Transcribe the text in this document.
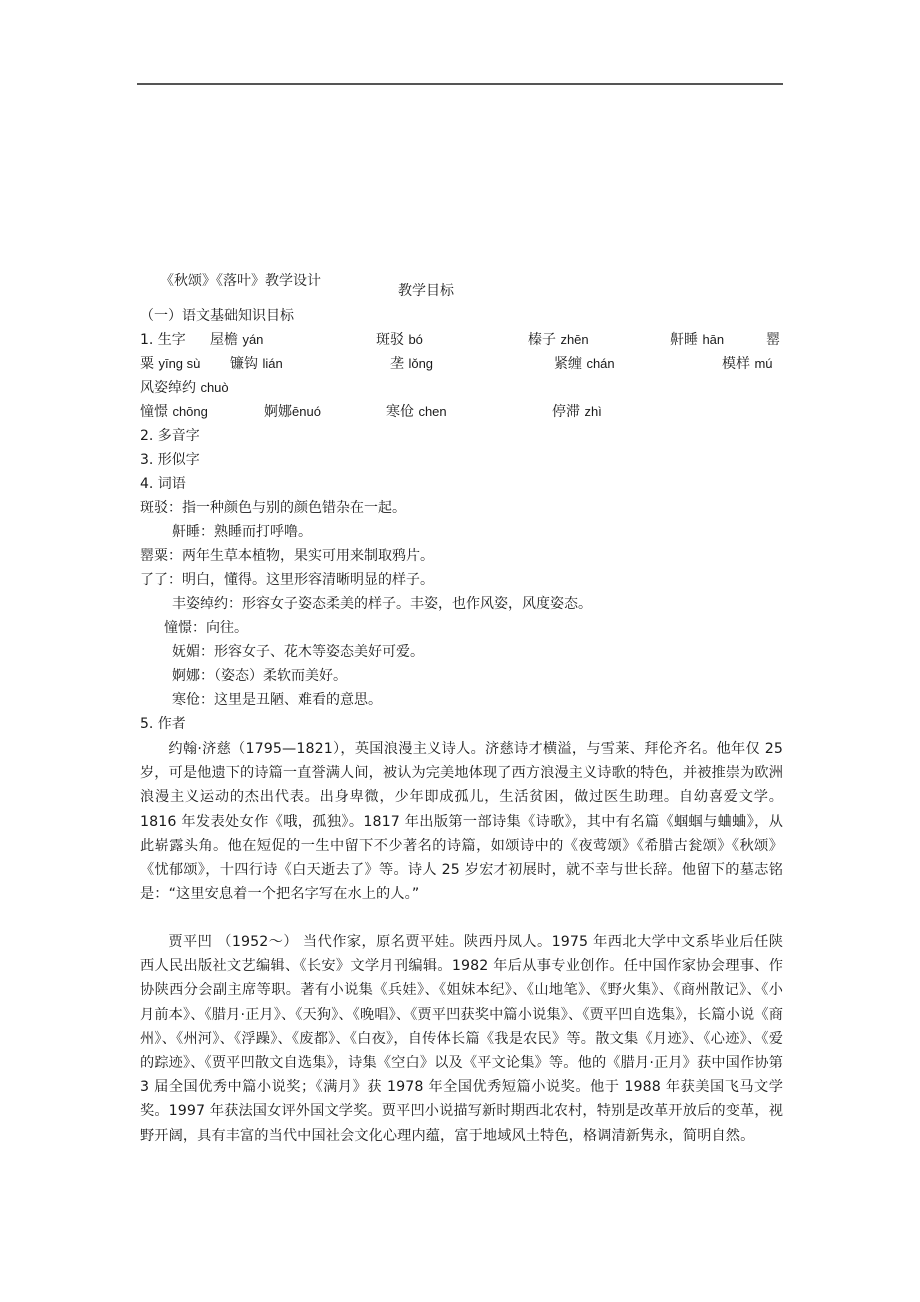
《秋颂》《落叶》教学设计
教学目标
（一）语文基础知识目标
1. 生字 屋檐 yán	斑驳 bó	榛子 zhēn	鼾睡 hān	罂
粟 yīng sù 镰钩 lián	垄 lǒng	紧缠 chán	模样 mú
风姿绰约 chuò
憧憬 chōng	婀娜ēnuó	寒伧 chen	停滞 zhì
2. 多音字
3. 形似字
4. 词语
斑驳：指一种颜色与别的颜色错杂在一起。
鼾睡：熟睡而打呼噜。
罂粟：两年生草本植物，果实可用来制取鸦片。
了了：明白，懂得。这里形容清晰明显的样子。
丰姿绰约：形容女子姿态柔美的样子。丰姿，也作风姿，风度姿态。
憧憬：向往。
妩媚：形容女子、花木等姿态美好可爱。
婀娜：（姿态）柔软而美好。
寒伧：这里是丑陋、难看的意思。
5. 作者
约翰·济慈（1795—1821），英国浪漫主义诗人。济慈诗才横溢，与雪莱、拜伦齐名。他年仅 25 岁，可是他遗下的诗篇一直誉满人间，被认为完美地体现了西方浪漫主义诗歌的特色，并被推崇为欧洲浪漫主义运动的杰出代表。出身卑微，少年即成孤儿，生活贫困，做过医生助理。自幼喜爱文学。1816 年发表处女作《哦，孤独》。1817 年出版第一部诗集《诗歌》，其中有名篇《蝈蝈与蛐蛐》，从此崭露头角。他在短促的一生中留下不少著名的诗篇，如颂诗中的《夜莺颂》《希腊古瓮颂》《秋颂》《忧郁颂》，十四行诗《白天逝去了》等。诗人 25 岁宏才初展时，就不幸与世长辞。他留下的墓志铭是：“这里安息着一个把名字写在水上的人。”
贾平凹 （1952～） 当代作家，原名贾平娃。陕西丹凤人。1975 年西北大学中文系毕业后任陕西人民出版社文艺编辑、《长安》文学月刊编辑。1982 年后从事专业创作。任中国作家协会理事、作协陕西分会副主席等职。著有小说集《兵娃》、《姐妹本纪》、《山地笔》、《野火集》、《商州散记》、《小月前本》、《腊月·正月》、《天狗》、《晚唱》、《贾平凹获奖中篇小说集》、《贾平凹自选集》，长篇小说《商州》、《州河》、《浮躁》、《废都》、《白夜》，自传体长篇《我是农民》等。散文集《月迹》、《心迹》、《爱的踪迹》、《贾平凹散文自选集》，诗集《空白》以及《平文论集》等。他的《腊月·正月》获中国作协第 3 届全国优秀中篇小说奖；《满月》获 1978 年全国优秀短篇小说奖。他于 1988 年获美国飞马文学奖。1997 年获法国女评外国文学奖。贾平凹小说描写新时期西北农村，特别是改革开放后的变革，视野开阔，具有丰富的当代中国社会文化心理内蕴，富于地域风土特色，格调清新隽永，简明自然。
